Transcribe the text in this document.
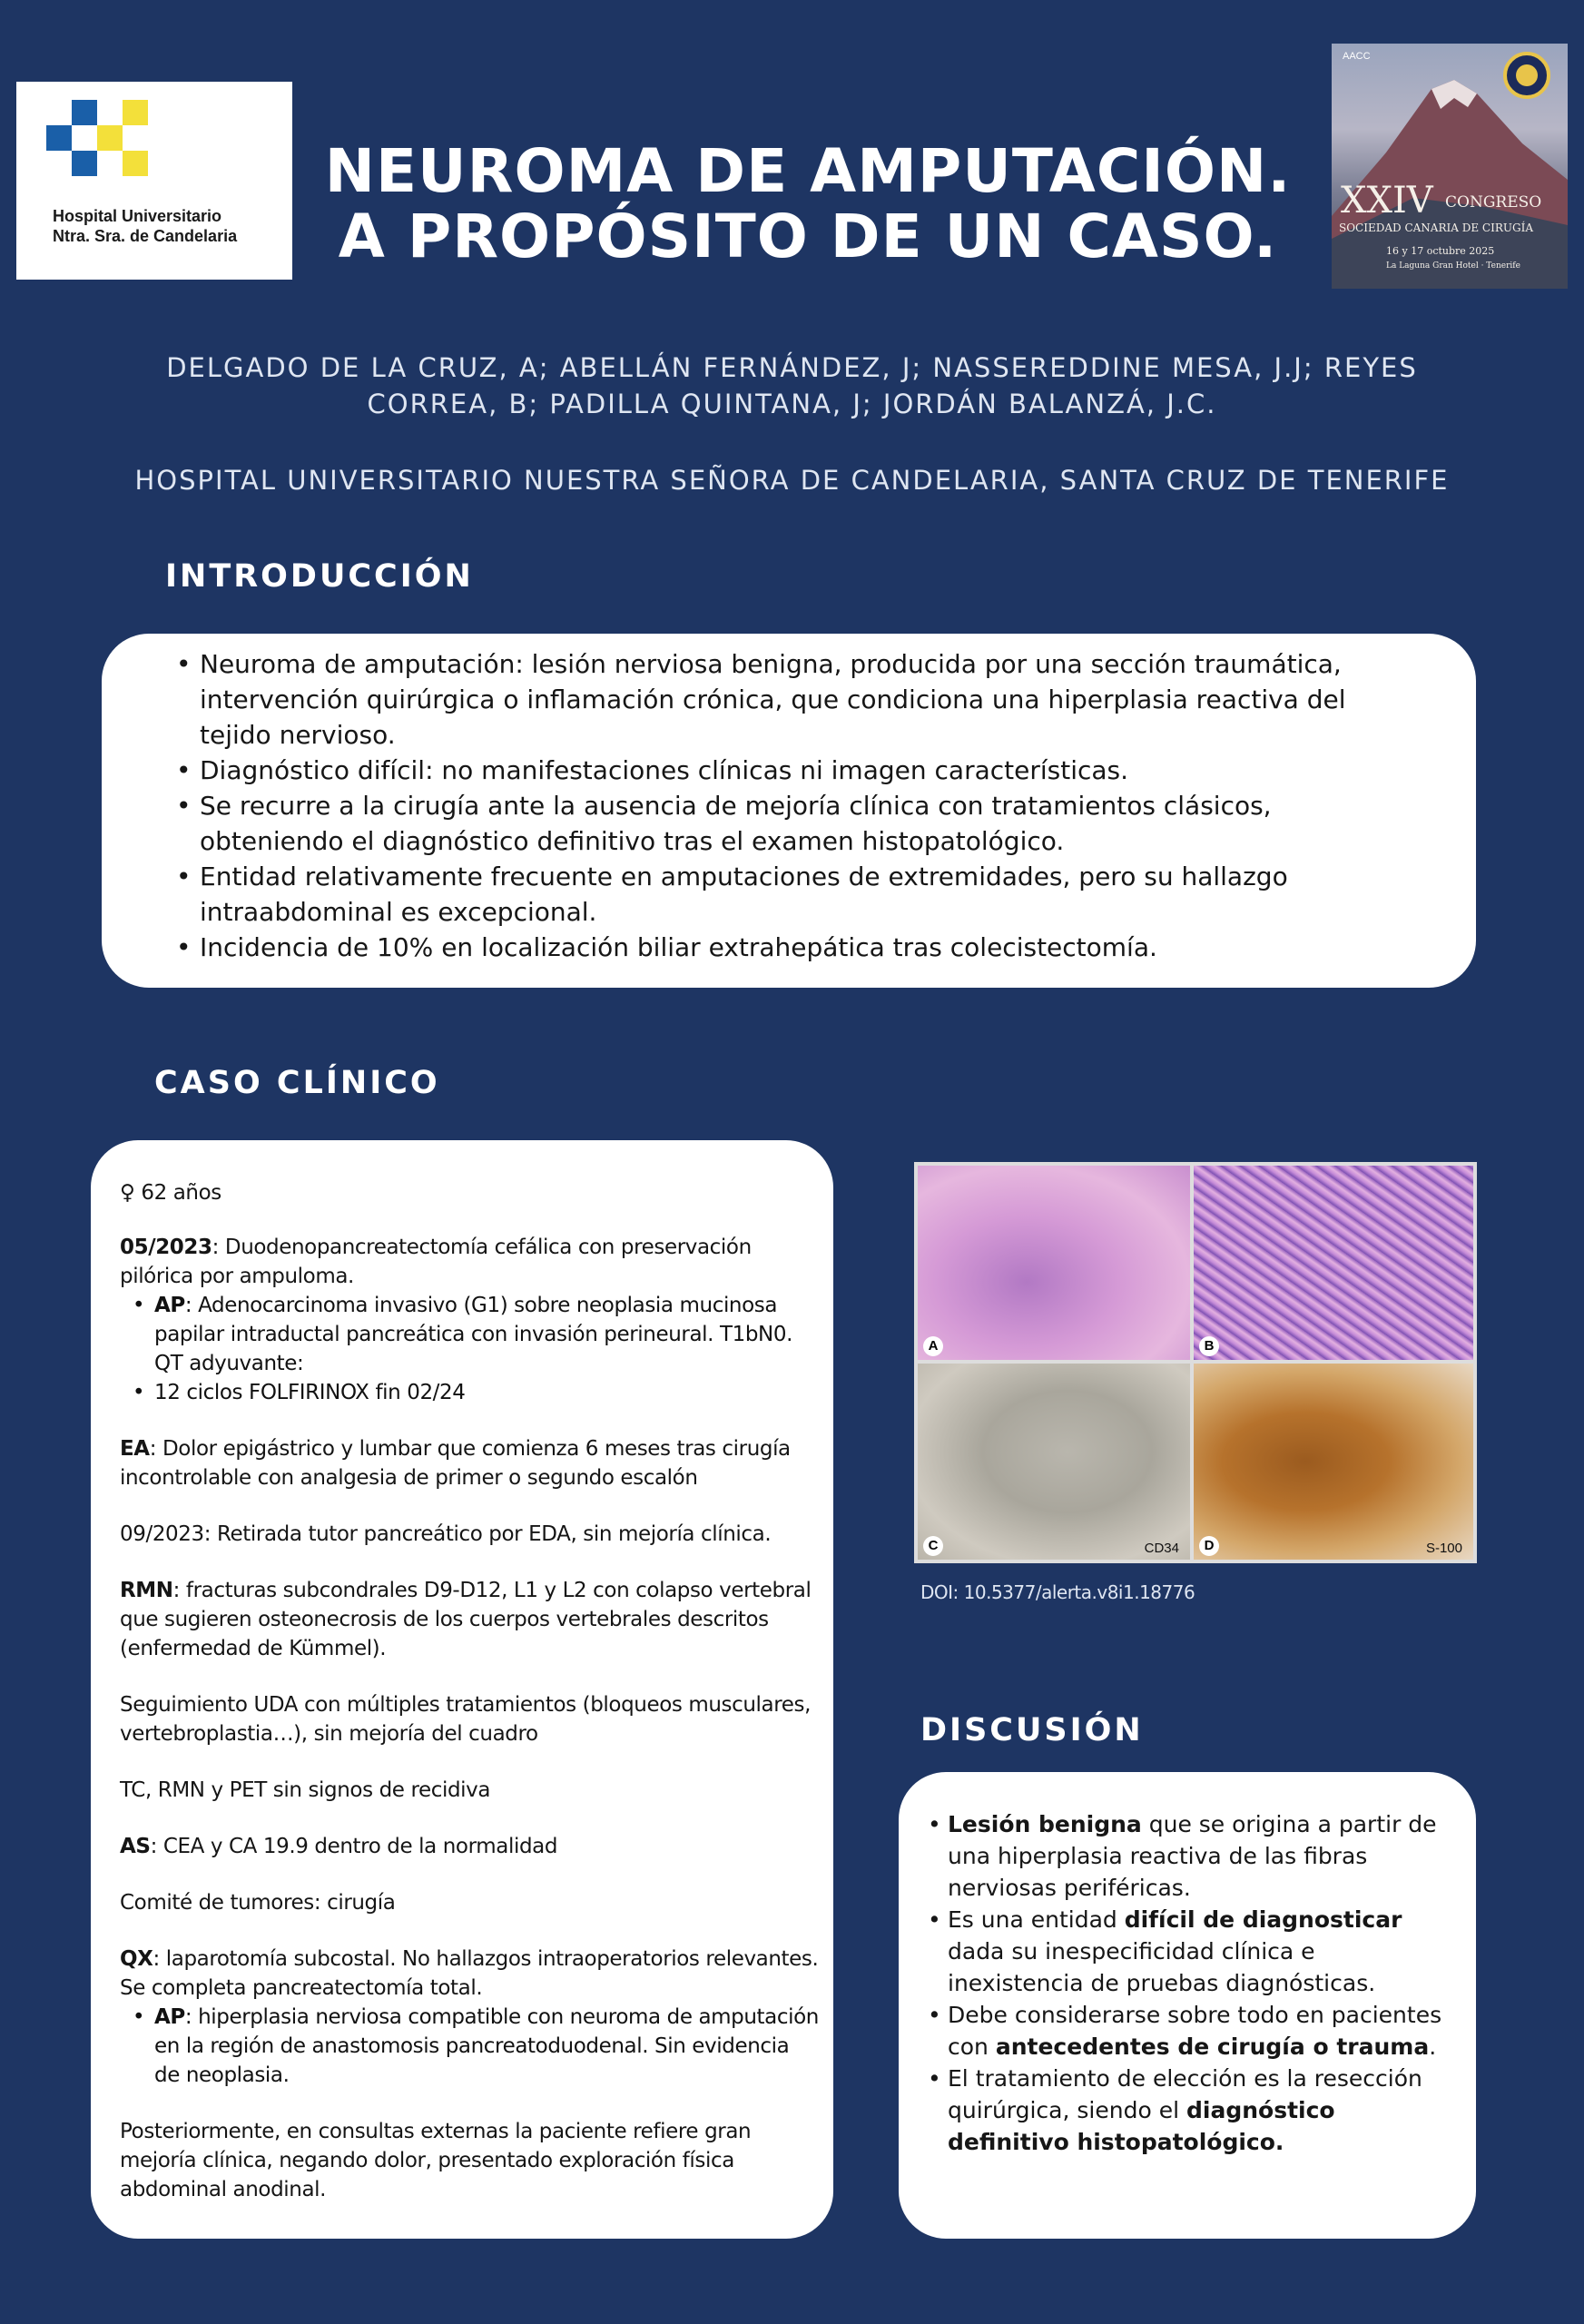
Hospital Universitario
Ntra. Sra. de Candelaria
NEUROMA DE AMPUTACIÓN.
A PROPÓSITO DE UN CASO.
AACC
XXIV CONGRESO
SOCIEDAD CANARIA DE CIRUGÍA
16 y 17 octubre 2025
La Laguna Gran Hotel · Tenerife
DELGADO DE LA CRUZ, A; ABELLÁN FERNÁNDEZ, J; NASSEREDDINE MESA, J.J; REYES
CORREA, B; PADILLA QUINTANA, J; JORDÁN BALANZÁ, J.C.
HOSPITAL UNIVERSITARIO NUESTRA SEÑORA DE CANDELARIA, SANTA CRUZ DE TENERIFE
INTRODUCCIÓN
• Neuroma de amputación: lesión nerviosa benigna, producida por una sección traumática, intervención quirúrgica o inflamación crónica, que condiciona una hiperplasia reactiva del tejido nervioso.
• Diagnóstico difícil: no manifestaciones clínicas ni imagen características.
• Se recurre a la cirugía ante la ausencia de mejoría clínica con tratamientos clásicos, obteniendo el diagnóstico definitivo tras el examen histopatológico.
• Entidad relativamente frecuente en amputaciones de extremidades, pero su hallazgo intraabdominal es excepcional.
• Incidencia de 10% en localización biliar extrahepática tras colecistectomía.
CASO CLÍNICO

♀ 62 años

05/2023: Duodenopancreatectomía cefálica con preservación pilórica por ampuloma.

• AP: Adenocarcinoma invasivo (G1) sobre neoplasia mucinosa papilar intraductal pancreática con invasión perineural. T1bN0. QT adyuvante:
• 12 ciclos FOLFIRINOX fin 02/24

EA: Dolor epigástrico y lumbar que comienza 6 meses tras cirugía incontrolable con analgesia de primer o segundo escalón

09/2023: Retirada tutor pancreático por EDA, sin mejoría clínica.

RMN: fracturas subcondrales D9-D12, L1 y L2 con colapso vertebral que sugieren osteonecrosis de los cuerpos vertebrales descritos (enfermedad de Kümmel).

Seguimiento UDA con múltiples tratamientos (bloqueos musculares, vertebroplastia…), sin mejoría del cuadro

TC, RMN y PET sin signos de recidiva

AS: CEA y CA 19.9 dentro de la normalidad

Comité de tumores: cirugía

QX: laparotomía subcostal. No hallazgos intraoperatorios relevantes. Se completa pancreatectomía total.

• AP: hiperplasia nerviosa compatible con neuroma de amputación en la región de anastomosis pancreatoduodenal. Sin evidencia de neoplasia.

Posteriormente, en consultas externas la paciente refiere gran mejoría clínica, negando dolor, presentado exploración física abdominal anodinal.

A	B
C	CD34	D	S-100
DOI: 10.5377/alerta.v8i1.18776
DISCUSIÓN
• Lesión benigna que se origina a partir de una hiperplasia reactiva de las fibras nerviosas periféricas.
• Es una entidad difícil de diagnosticar dada su inespecificidad clínica e inexistencia de pruebas diagnósticas.
• Debe considerarse sobre todo en pacientes con antecedentes de cirugía o trauma.
• El tratamiento de elección es la resección quirúrgica, siendo el diagnóstico definitivo histopatológico.
